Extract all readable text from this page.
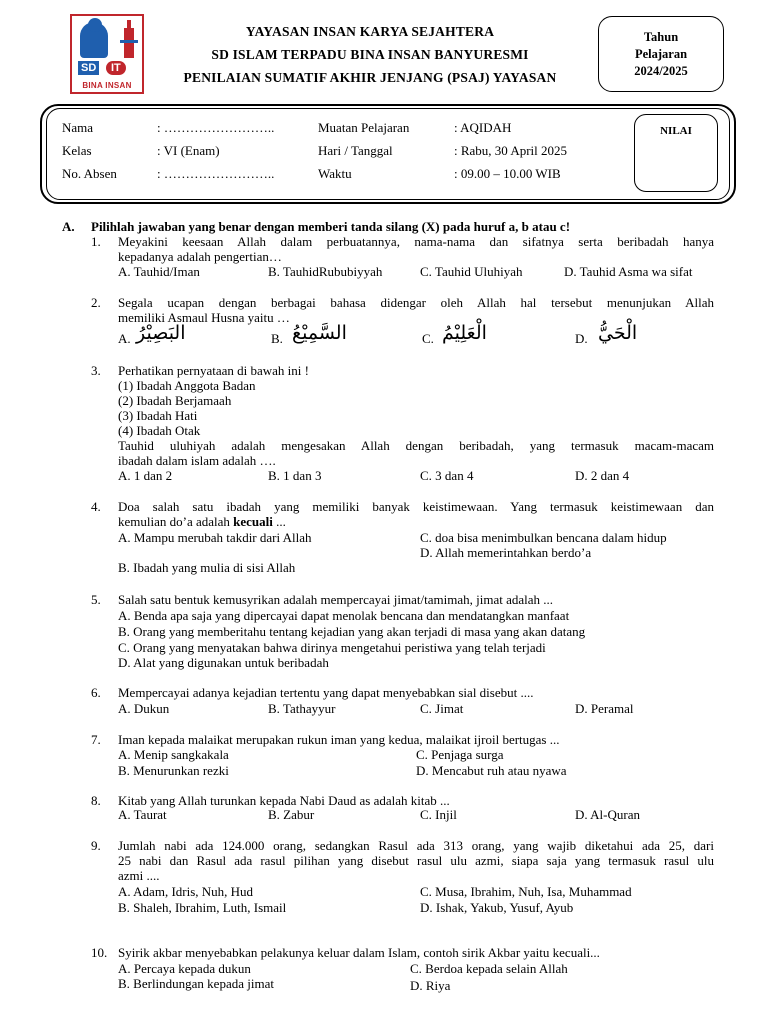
SD	IT
BINA INSAN
YAYASAN INSAN KARYA SEJAHTERA
SD ISLAM TERPADU BINA INSAN BANYURESMI
PENILAIAN SUMATIF AKHIR JENJANG (PSAJ) YAYASAN
Tahun
Pelajaran
2024/2025
Nama	: ……………………..
Kelas	: VI (Enam)
No. Absen	: ……………………..
Muatan Pelajaran	: AQIDAH
Hari / Tanggal	: Rabu, 30 April 2025
Waktu	: 09.00 – 10.00 WIB
NILAI
A. Pilihlah jawaban yang benar dengan memberi tanda silang (X) pada huruf a, b atau c!
1. Meyakini keesaan Allah dalam perbuatannya, nama-nama dan sifatnya serta beribadah hanya
kepadanya adalah pengertian…
A. Tauhid/Iman	B. TauhidRububiyyah	C. Tauhid Uluhiyah	D. Tauhid Asma wa sifat
2. Segala ucapan dengan berbagai bahasa didengar oleh Allah hal tersebut menunjukan Allah
memiliki Asmaul Husna yaitu …
A. البَصِيْرُ	B. السَّمِيْعُ	C. الْعَلِيْمُ	D. الْحَيُّ
3. Perhatikan pernyataan di bawah ini !
(1) Ibadah Anggota Badan
(2) Ibadah Berjamaah
(3) Ibadah Hati
(4) Ibadah Otak
Tauhid uluhiyah adalah mengesakan Allah dengan beribadah, yang termasuk macam-macam
ibadah dalam islam adalah ….
A. 1 dan 2	B. 1 dan 3	C. 3 dan 4	D. 2 dan 4
4. Doa salah satu ibadah yang memiliki banyak keistimewaan. Yang termasuk keistimewaan dan
kemulian do’a adalah kecuali ...
A. Mampu merubah takdir dari Allah	C. doa bisa menimbulkan bencana dalam hidup
D. Allah memerintahkan berdo’a
B. Ibadah yang mulia di sisi Allah
5. Salah satu bentuk kemusyrikan adalah mempercayai jimat/tamimah, jimat adalah ...
A. Benda apa saja yang dipercayai dapat menolak bencana dan mendatangkan manfaat
B. Orang yang memberitahu tentang kejadian yang akan terjadi di masa yang akan datang
C. Orang yang menyatakan bahwa dirinya mengetahui peristiwa yang telah terjadi
D. Alat yang digunakan untuk beribadah
6. Mempercayai adanya kejadian tertentu yang dapat menyebabkan sial disebut ....
A. Dukun	B. Tathayyur	C. Jimat	D. Peramal
7. Iman kepada malaikat merupakan rukun iman yang kedua, malaikat ijroil bertugas ...
A. Menip sangkakala	C. Penjaga surga
B. Menurunkan rezki	D. Mencabut ruh atau nyawa
8. Kitab yang Allah turunkan kepada Nabi Daud as adalah kitab ...
A. Taurat	B. Zabur	C. Injil	D. Al-Quran
9. Jumlah nabi ada 124.000 orang, sedangkan Rasul ada 313 orang, yang wajib diketahui ada 25, dari
25 nabi dan Rasul ada rasul pilihan yang disebut rasul ulu azmi, siapa saja yang termasuk rasul ulu
azmi ....
A. Adam, Idris, Nuh, Hud	C. Musa, Ibrahim, Nuh, Isa, Muhammad
B. Shaleh, Ibrahim, Luth, Ismail	D. Ishak, Yakub, Yusuf, Ayub
10. Syirik akbar menyebabkan pelakunya keluar dalam Islam, contoh sirik Akbar yaitu kecuali...
A. Percaya kepada dukun	C. Berdoa kepada selain Allah
B. Berlindungan kepada jimat	D. Riya
